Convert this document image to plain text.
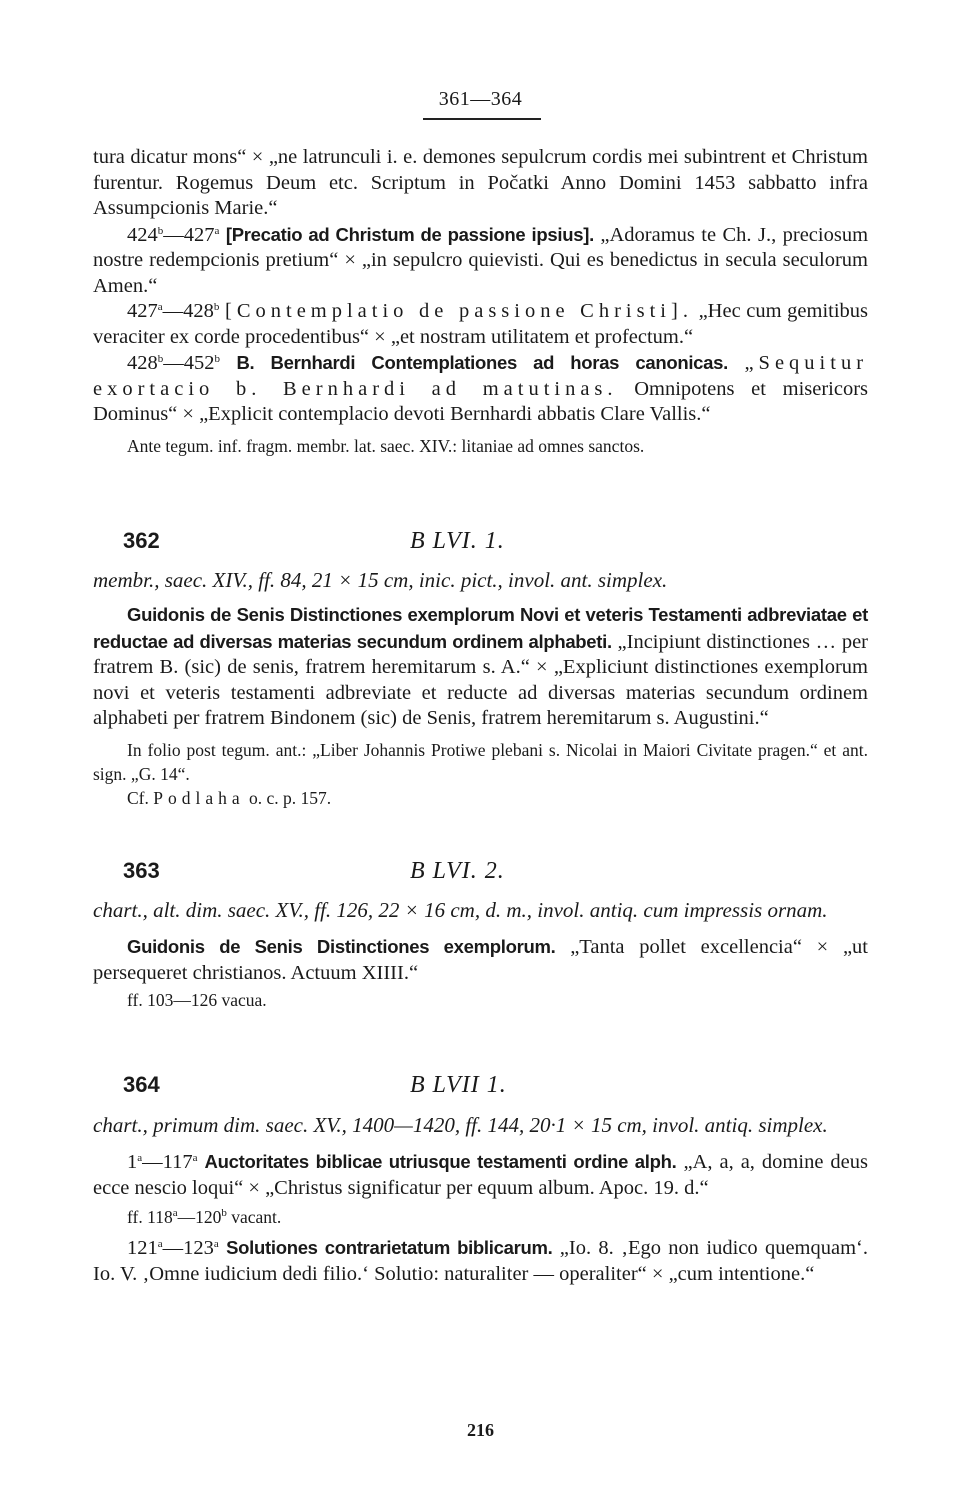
361—364

tura dicatur mons“ × „ne latrunculi i. e. demones sepulcrum cordis mei subintrent et Christum furentur. Rogemus Deum etc. Scriptum in Počatki Anno Domini 1453 sabbatto infra Assumpcionis Marie.“

424$^b$—427$^a$ [Precatio ad Christum de passione ipsius]. „Adoramus te Ch. J., preciosum nostre redempcionis pretium“ × „in sepulcro quievisti. Qui es benedictus in secula seculorum Amen.“

427$^a$—428$^b$ [Contemplatio de passione Christi]. „Hec cum gemitibus veraciter ex corde procedentibus“ × „et nostram utilitatem et profectum.“

428$^b$—452$^b$ B. Bernhardi Contemplationes ad horas canonicas. „Sequitur exortacio b. Bernhardi ad matutinas. Omnipotens et misericors Dominus“ × „Explicit contemplacio devoti Bernhardi abbatis Clare Vallis.“

Ante tegum. inf. fragm. membr. lat. saec. XIV.: litaniae ad omnes sanctos.

362	B LVI. 1.

membr., saec. XIV., ff. 84, 21 × 15 cm, inic. pict., invol. ant. simplex.

Guidonis de Senis Distinctiones exemplorum Novi et veteris Testamenti adbreviatae et reductae ad diversas materias secundum ordinem alphabeti. „Incipiunt distinctiones … per fratrem B. (sic) de senis, fratrem heremitarum s. A.“ × „Expliciunt distinctiones exemplorum novi et veteris testamenti adbreviate et reducte ad diversas materias secundum ordinem alphabeti per fratrem Bindonem (sic) de Senis, fratrem heremitarum s. Augustini.“

In folio post tegum. ant.: „Liber Johannis Protiwe plebani s. Nicolai in Maiori Civitate pragen.“ et ant. sign. „G. 14“.

Cf. Podlaha o. c. p. 157.

363	B LVI. 2.

chart., alt. dim. saec. XV., ff. 126, 22 × 16 cm, d. m., invol. antiq. cum impressis ornam.

Guidonis de Senis Distinctiones exemplorum. „Tanta pollet excellencia“ × „ut persequeret christianos. Actuum XIIII.“

ff. 103—126 vacua.

364	B LVII 1.

chart., primum dim. saec. XV., 1400—1420, ff. 144, 20·1 × 15 cm, invol. antiq. simplex.

1$^a$—117$^a$ Auctoritates biblicae utriusque testamenti ordine alph. „A, a, a, domine deus ecce nescio loqui“ × „Christus significatur per equum album. Apoc. 19. d.“

ff. 118$^a$—120$^b$ vacant.

121$^a$—123$^a$ Solutiones contrarietatum biblicarum. „Io. 8. ‚Ego non iudico quemquam‘. Io. V. ‚Omne iudicium dedi filio.‘ Solutio: naturaliter — operaliter“ × „cum intentione.“

216
